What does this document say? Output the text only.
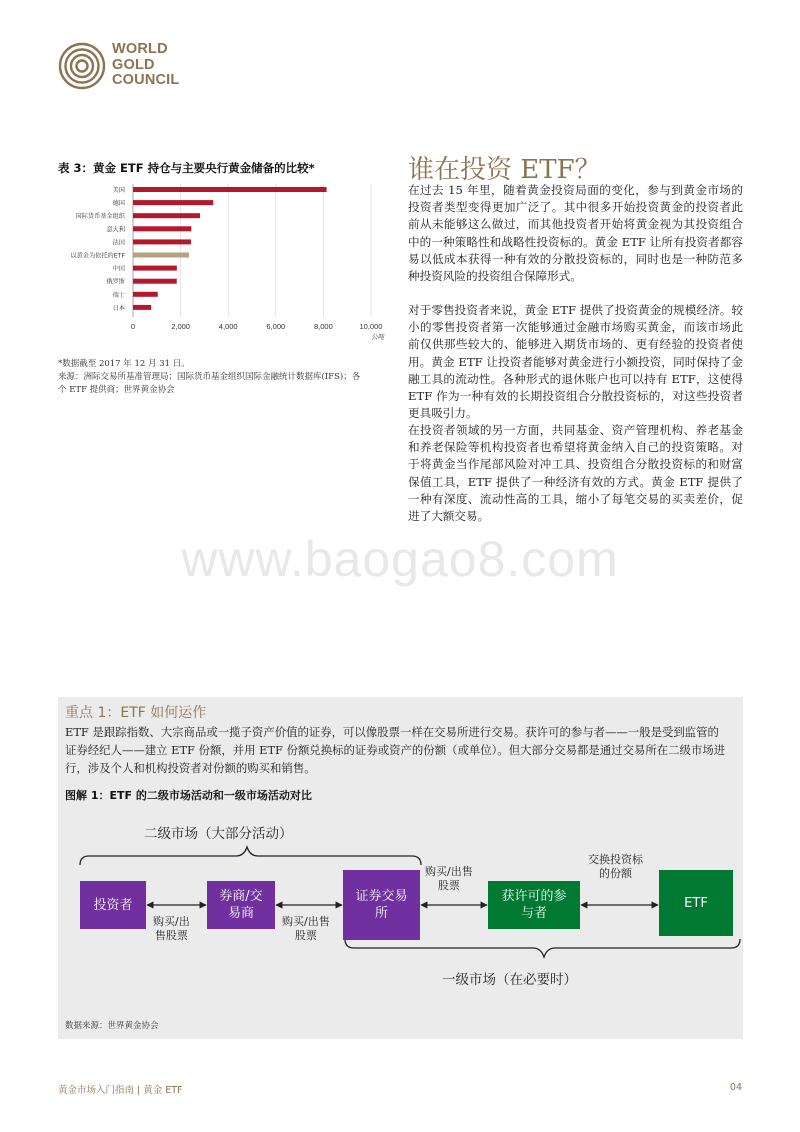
WORLD
GOLD
COUNCIL
表 3：黄金 ETF 持仓与主要央行黄金储备的比较*
0	2,000	4,000	6,000	8,000	10,000
美国
德国
国际货币基金组织
意大利
法国
以黄金为依托的ETF
中国
俄罗斯
瑞士
日本
公吨
*数据截至 2017 年 12 月 31 日。
来源：洲际交易所基准管理局；国际货币基金组织国际金融统计数据库(IFS)；各
个 ETF 提供商；世界黄金协会
谁在投资 ETF？

在过去 15 年里，随着黄金投资局面的变化，参与到黄金市场的投资者类型变得更加广泛了。其中很多开始投资黄金的投资者此前从未能够这么做过，而其他投资者开始将黄金视为其投资组合中的一种策略性和战略性投资标的。黄金 ETF 让所有投资者都容易以低成本获得一种有效的分散投资标的，同时也是一种防范多种投资风险的投资组合保障形式。

对于零售投资者来说，黄金 ETF 提供了投资黄金的规模经济。较小的零售投资者第一次能够通过金融市场购买黄金，而该市场此前仅供那些较大的、能够进入期货市场的、更有经验的投资者使用。黄金 ETF 让投资者能够对黄金进行小额投资，同时保持了金融工具的流动性。各种形式的退休账户也可以持有 ETF，这使得 ETF 作为一种有效的长期投资组合分散投资标的，对这些投资者更具吸引力。

在投资者领域的另一方面，共同基金、资产管理机构、养老基金和养老保险等机构投资者也希望将黄金纳入自己的投资策略。对于将黄金当作尾部风险对冲工具、投资组合分散投资标的和财富保值工具，ETF 提供了一种经济有效的方式。黄金 ETF 提供了一种有深度、流动性高的工具，缩小了每笔交易的买卖差价，促进了大额交易。

www.baogao8.com
重点 1：ETF 如何运作
ETF 是跟踪指数、大宗商品或一揽子资产价值的证券，可以像股票一样在交易所进行交易。获许可的参与者——一般是受到监管的证券经纪人——建立 ETF 份额，并用 ETF 份额兑换标的证券或资产的份额（或单位）。但大部分交易都是通过交易所在二级市场进行，涉及个人和机构投资者对份额的购买和销售。
图解 1：ETF 的二级市场活动和一级市场活动对比
二级市场（大部分活动）
一级市场（在必要时）
投资者
券商/交
易商
证券交易
所
获许可的参
与者
ETF
购买/出
售股票
购买/出售
股票
购买/出售
股票
交换投资标
的份额
数据来源：世界黄金协会
黄金市场入门指南 | 黄金 ETF	04
